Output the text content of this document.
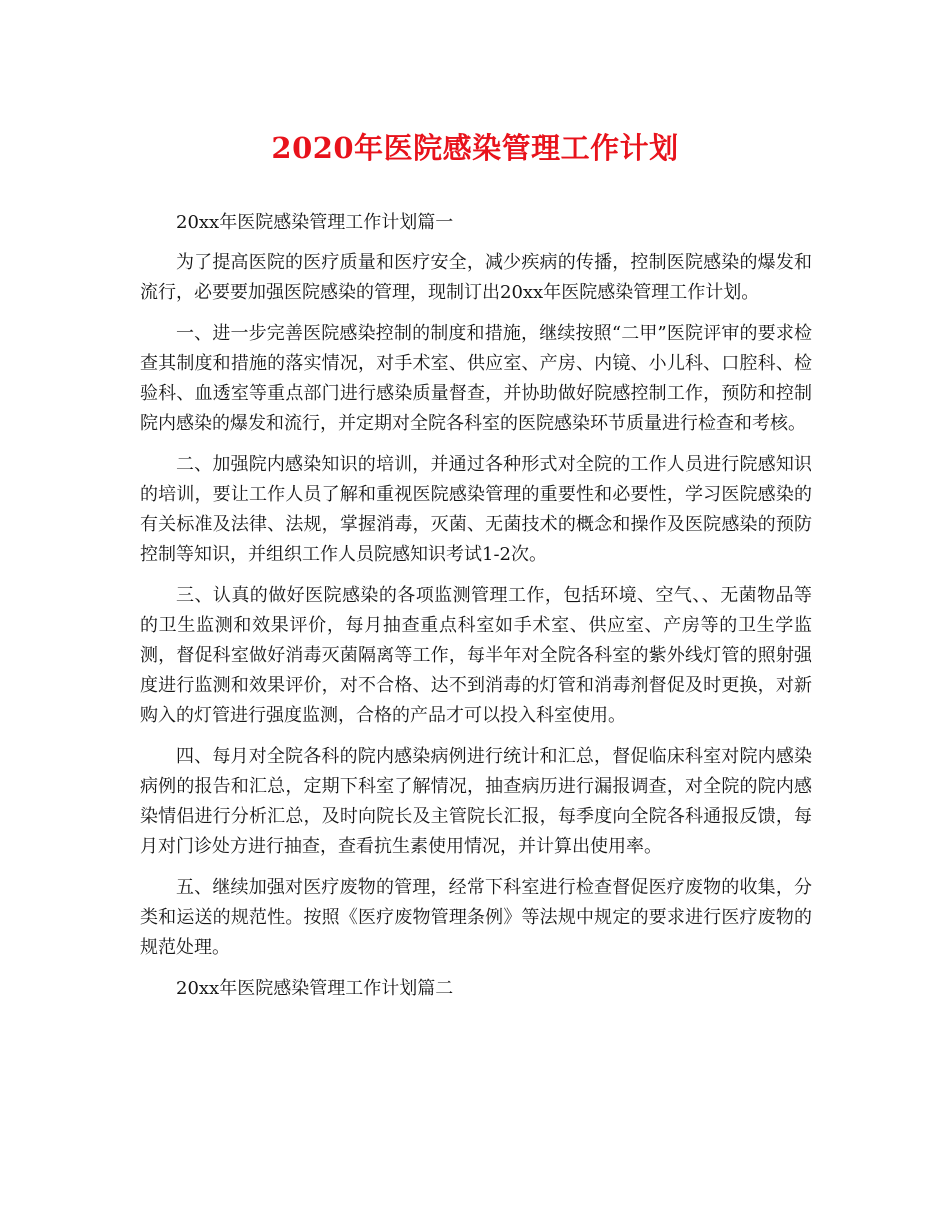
2020年医院感染管理工作计划

20xx年医院感染管理工作计划篇一

为了提高医院的医疗质量和医疗安全，减少疾病的传播，控制医院感染的爆发和流行，必要要加强医院感染的管理，现制订出20xx年医院感染管理工作计划。

一、进一步完善医院感染控制的制度和措施，继续按照“二甲”医院评审的要求检查其制度和措施的落实情况，对手术室、供应室、产房、内镜、小儿科、口腔科、检验科、血透室等重点部门进行感染质量督查，并协助做好院感控制工作，预防和控制院内感染的爆发和流行，并定期对全院各科室的医院感染环节质量进行检查和考核。

二、加强院内感染知识的培训，并通过各种形式对全院的工作人员进行院感知识的培训，要让工作人员了解和重视医院感染管理的重要性和必要性，学习医院感染的有关标准及法律、法规，掌握消毒，灭菌、无菌技术的概念和操作及医院感染的预防控制等知识，并组织工作人员院感知识考试1-2次。

三、认真的做好医院感染的各项监测管理工作，包括环境、空气、、无菌物品等的卫生监测和效果评价，每月抽查重点科室如手术室、供应室、产房等的卫生学监测，督促科室做好消毒灭菌隔离等工作，每半年对全院各科室的紫外线灯管的照射强度进行监测和效果评价，对不合格、达不到消毒的灯管和消毒剂督促及时更换，对新购入的灯管进行强度监测，合格的产品才可以投入科室使用。

四、每月对全院各科的院内感染病例进行统计和汇总，督促临床科室对院内感染病例的报告和汇总，定期下科室了解情况，抽查病历进行漏报调查，对全院的院内感染情侣进行分析汇总，及时向院长及主管院长汇报，每季度向全院各科通报反馈，每月对门诊处方进行抽查，查看抗生素使用情况，并计算出使用率。

五、继续加强对医疗废物的管理，经常下科室进行检查督促医疗废物的收集，分类和运送的规范性。按照《医疗废物管理条例》等法规中规定的要求进行医疗废物的规范处理。

20xx年医院感染管理工作计划篇二
